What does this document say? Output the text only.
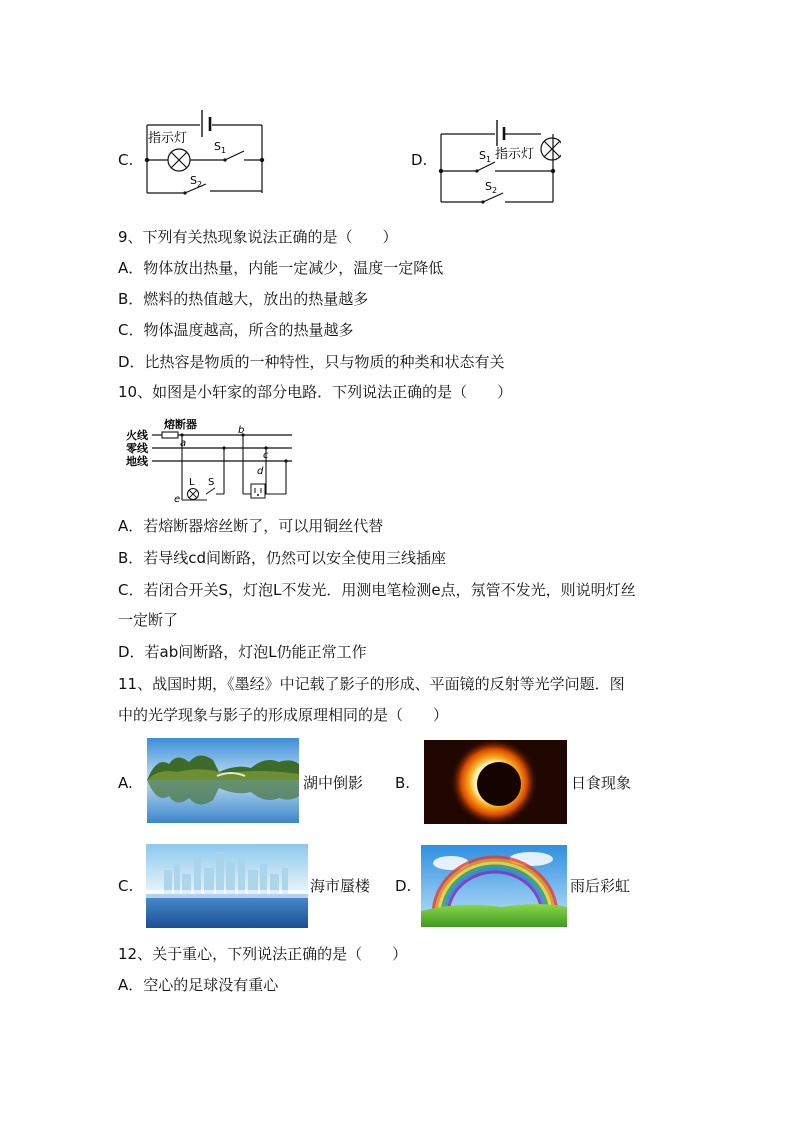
C.
指示灯
$S_1$
$S_2$
D.	$S_1$ 指示灯
$S_2$
9、下列有关热现象说法正确的是（　　）
A．物体放出热量，内能一定减少，温度一定降低
B．燃料的热值越大，放出的热量越多
C．物体温度越高，所含的热量越多
D．比热容是物质的一种特性，只与物质的种类和状态有关
10、如图是小轩家的部分电路．下列说法正确的是（　　）
火线
零线
地线
熔断器
a
e
L S
b
c
d
A．若熔断器熔丝断了，可以用铜丝代替
B．若导线cd间断路，仍然可以安全使用三线插座
C．若闭合开关S，灯泡L不发光．用测电笔检测e点，氖管不发光，则说明灯丝
一定断了
D．若ab间断路，灯泡L仍能正常工作
11、战国时期，《墨经》中记载了影子的形成、平面镜的反射等光学问题．图
中的光学现象与影子的形成原理相同的是（　　）
A.	湖中倒影 B.	日食现象
C.	海市蜃楼 D.	雨后彩虹
12、关于重心，下列说法正确的是（　　）
A．空心的足球没有重心
